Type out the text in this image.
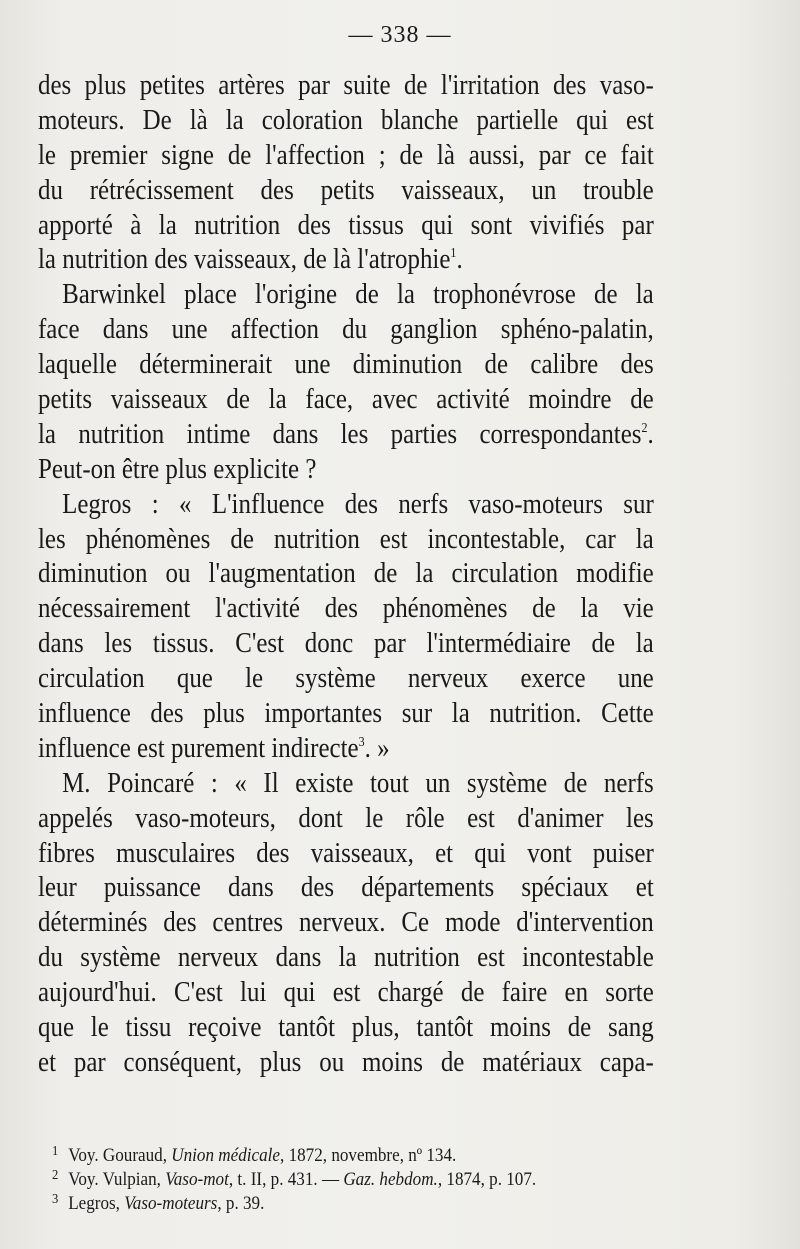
— 338 —
des plus petites artères par suite de l'irritation des vaso-
moteurs. De là la coloration blanche partielle qui est
le premier signe de l'affection ; de là aussi, par ce fait
du rétrécissement des petits vaisseaux, un trouble
apporté à la nutrition des tissus qui sont vivifiés par
la nutrition des vaisseaux, de là l'atrophie$^1$.
Barwinkel place l'origine de la trophonévrose de la
face dans une affection du ganglion sphéno-palatin,
laquelle déterminerait une diminution de calibre des
petits vaisseaux de la face, avec activité moindre de
la nutrition intime dans les parties correspondantes$^2$.
Peut-on être plus explicite ?
Legros : « L'influence des nerfs vaso-moteurs sur
les phénomènes de nutrition est incontestable, car la
diminution ou l'augmentation de la circulation modifie
nécessairement l'activité des phénomènes de la vie
dans les tissus. C'est donc par l'intermédiaire de la
circulation que le système nerveux exerce une
influence des plus importantes sur la nutrition. Cette
influence est purement indirecte$^3$. »
M. Poincaré : « Il existe tout un système de nerfs
appelés vaso-moteurs, dont le rôle est d'animer les
fibres musculaires des vaisseaux, et qui vont puiser
leur puissance dans des départements spéciaux et
déterminés des centres nerveux. Ce mode d'intervention
du système nerveux dans la nutrition est incontestable
aujourd'hui. C'est lui qui est chargé de faire en sorte
que le tissu reçoive tantôt plus, tantôt moins de sang
et par conséquent, plus ou moins de matériaux capa-
1 Voy. Gouraud, Union médicale, 1872, novembre, nº 134.
2 Voy. Vulpian, Vaso-mot, t. II, p. 431. — Gaz. hebdom., 1874, p. 107.
3 Legros, Vaso-moteurs, p. 39.
